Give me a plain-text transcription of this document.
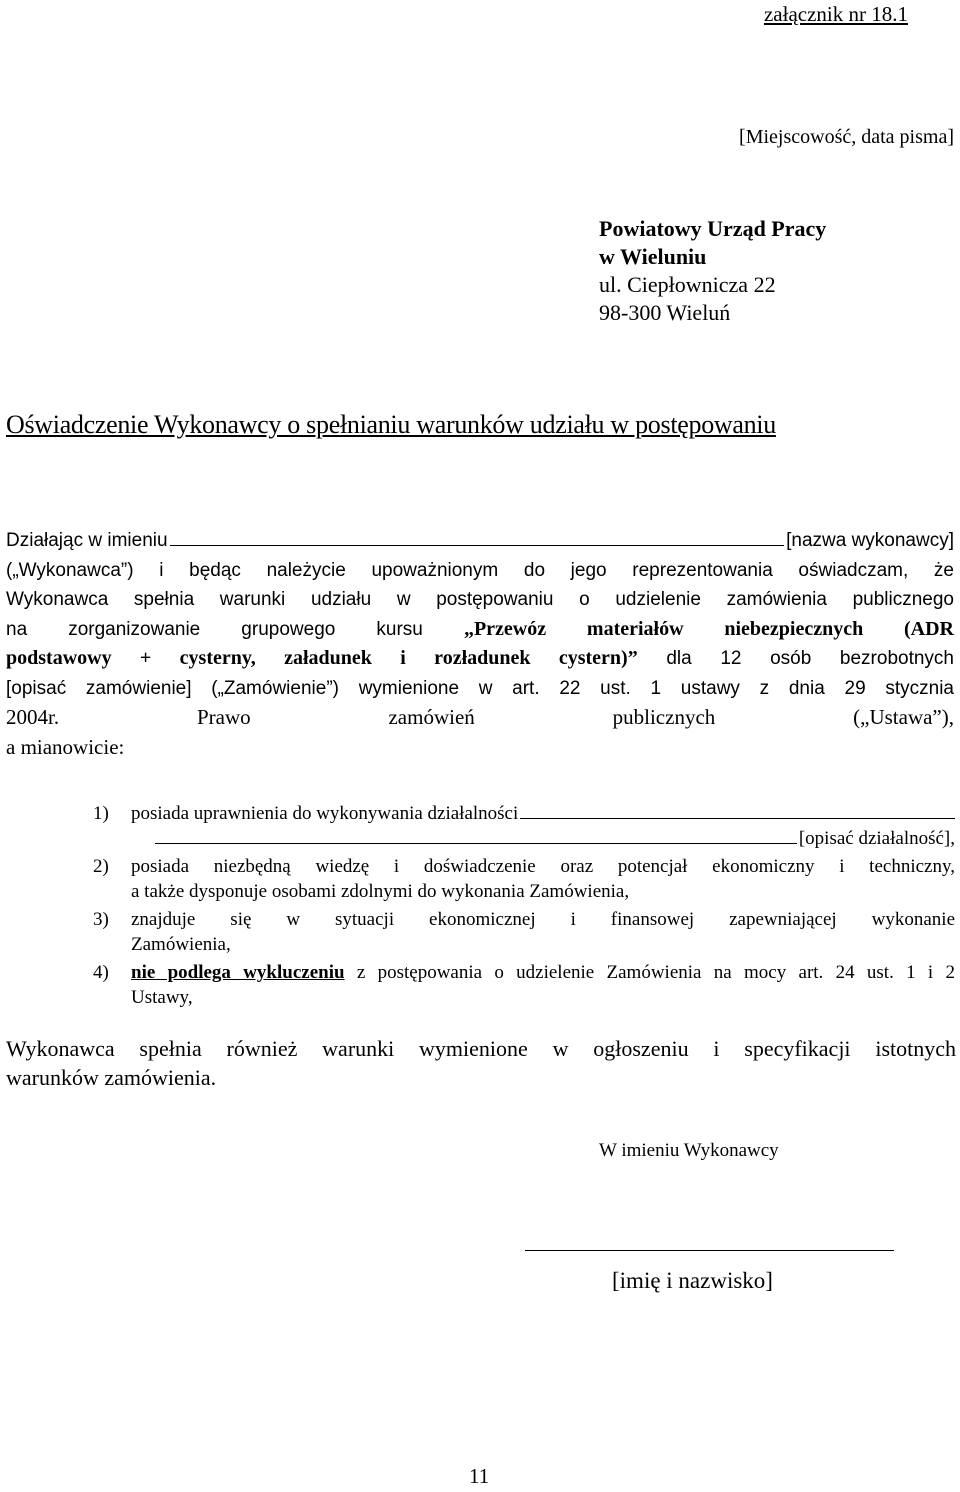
załącznik nr 18.1
[Miejscowość, data pisma]
Powiatowy Urząd Pracy
w Wieluniu
ul. Ciepłownicza 22
98-300 Wieluń
Oświadczenie Wykonawcy o spełnianiu warunków udziału w postępowaniu
Działając w imieniu	[nazwa wykonawcy]
(„Wykonawca”) i będąc należycie upoważnionym do jego reprezentowania oświadczam, że
Wykonawca spełnia warunki udziału w postępowaniu o udzielenie zamówienia publicznego
na zorganizowanie grupowego kursu „Przewóz materiałów niebezpiecznych (ADR
podstawowy + cysterny, załadunek i rozładunek cystern)” dla 12 osób bezrobotnych
[opisać zamówienie] („Zamówienie”) wymienione w art. 22 ust. 1 ustawy z dnia 29 stycznia
2004r. Prawo zamówień publicznych („Ustawa”),
a mianowicie:
1)	posiada uprawnienia do wykonywania działalności
[opisać działalność],
2)	posiada niezbędną wiedzę i doświadczenie oraz potencjał ekonomiczny i techniczny,
a także dysponuje osobami zdolnymi do wykonania Zamówienia,
3)	znajduje się w sytuacji ekonomicznej i finansowej zapewniającej wykonanie
Zamówienia,
4)	nie podlega wykluczeniu z postępowania o udzielenie Zamówienia na mocy art. 24 ust. 1 i 2
Ustawy,
Wykonawca spełnia również warunki wymienione w ogłoszeniu i specyfikacji istotnych
warunków zamówienia.
W imieniu Wykonawcy
[imię i nazwisko]
11
